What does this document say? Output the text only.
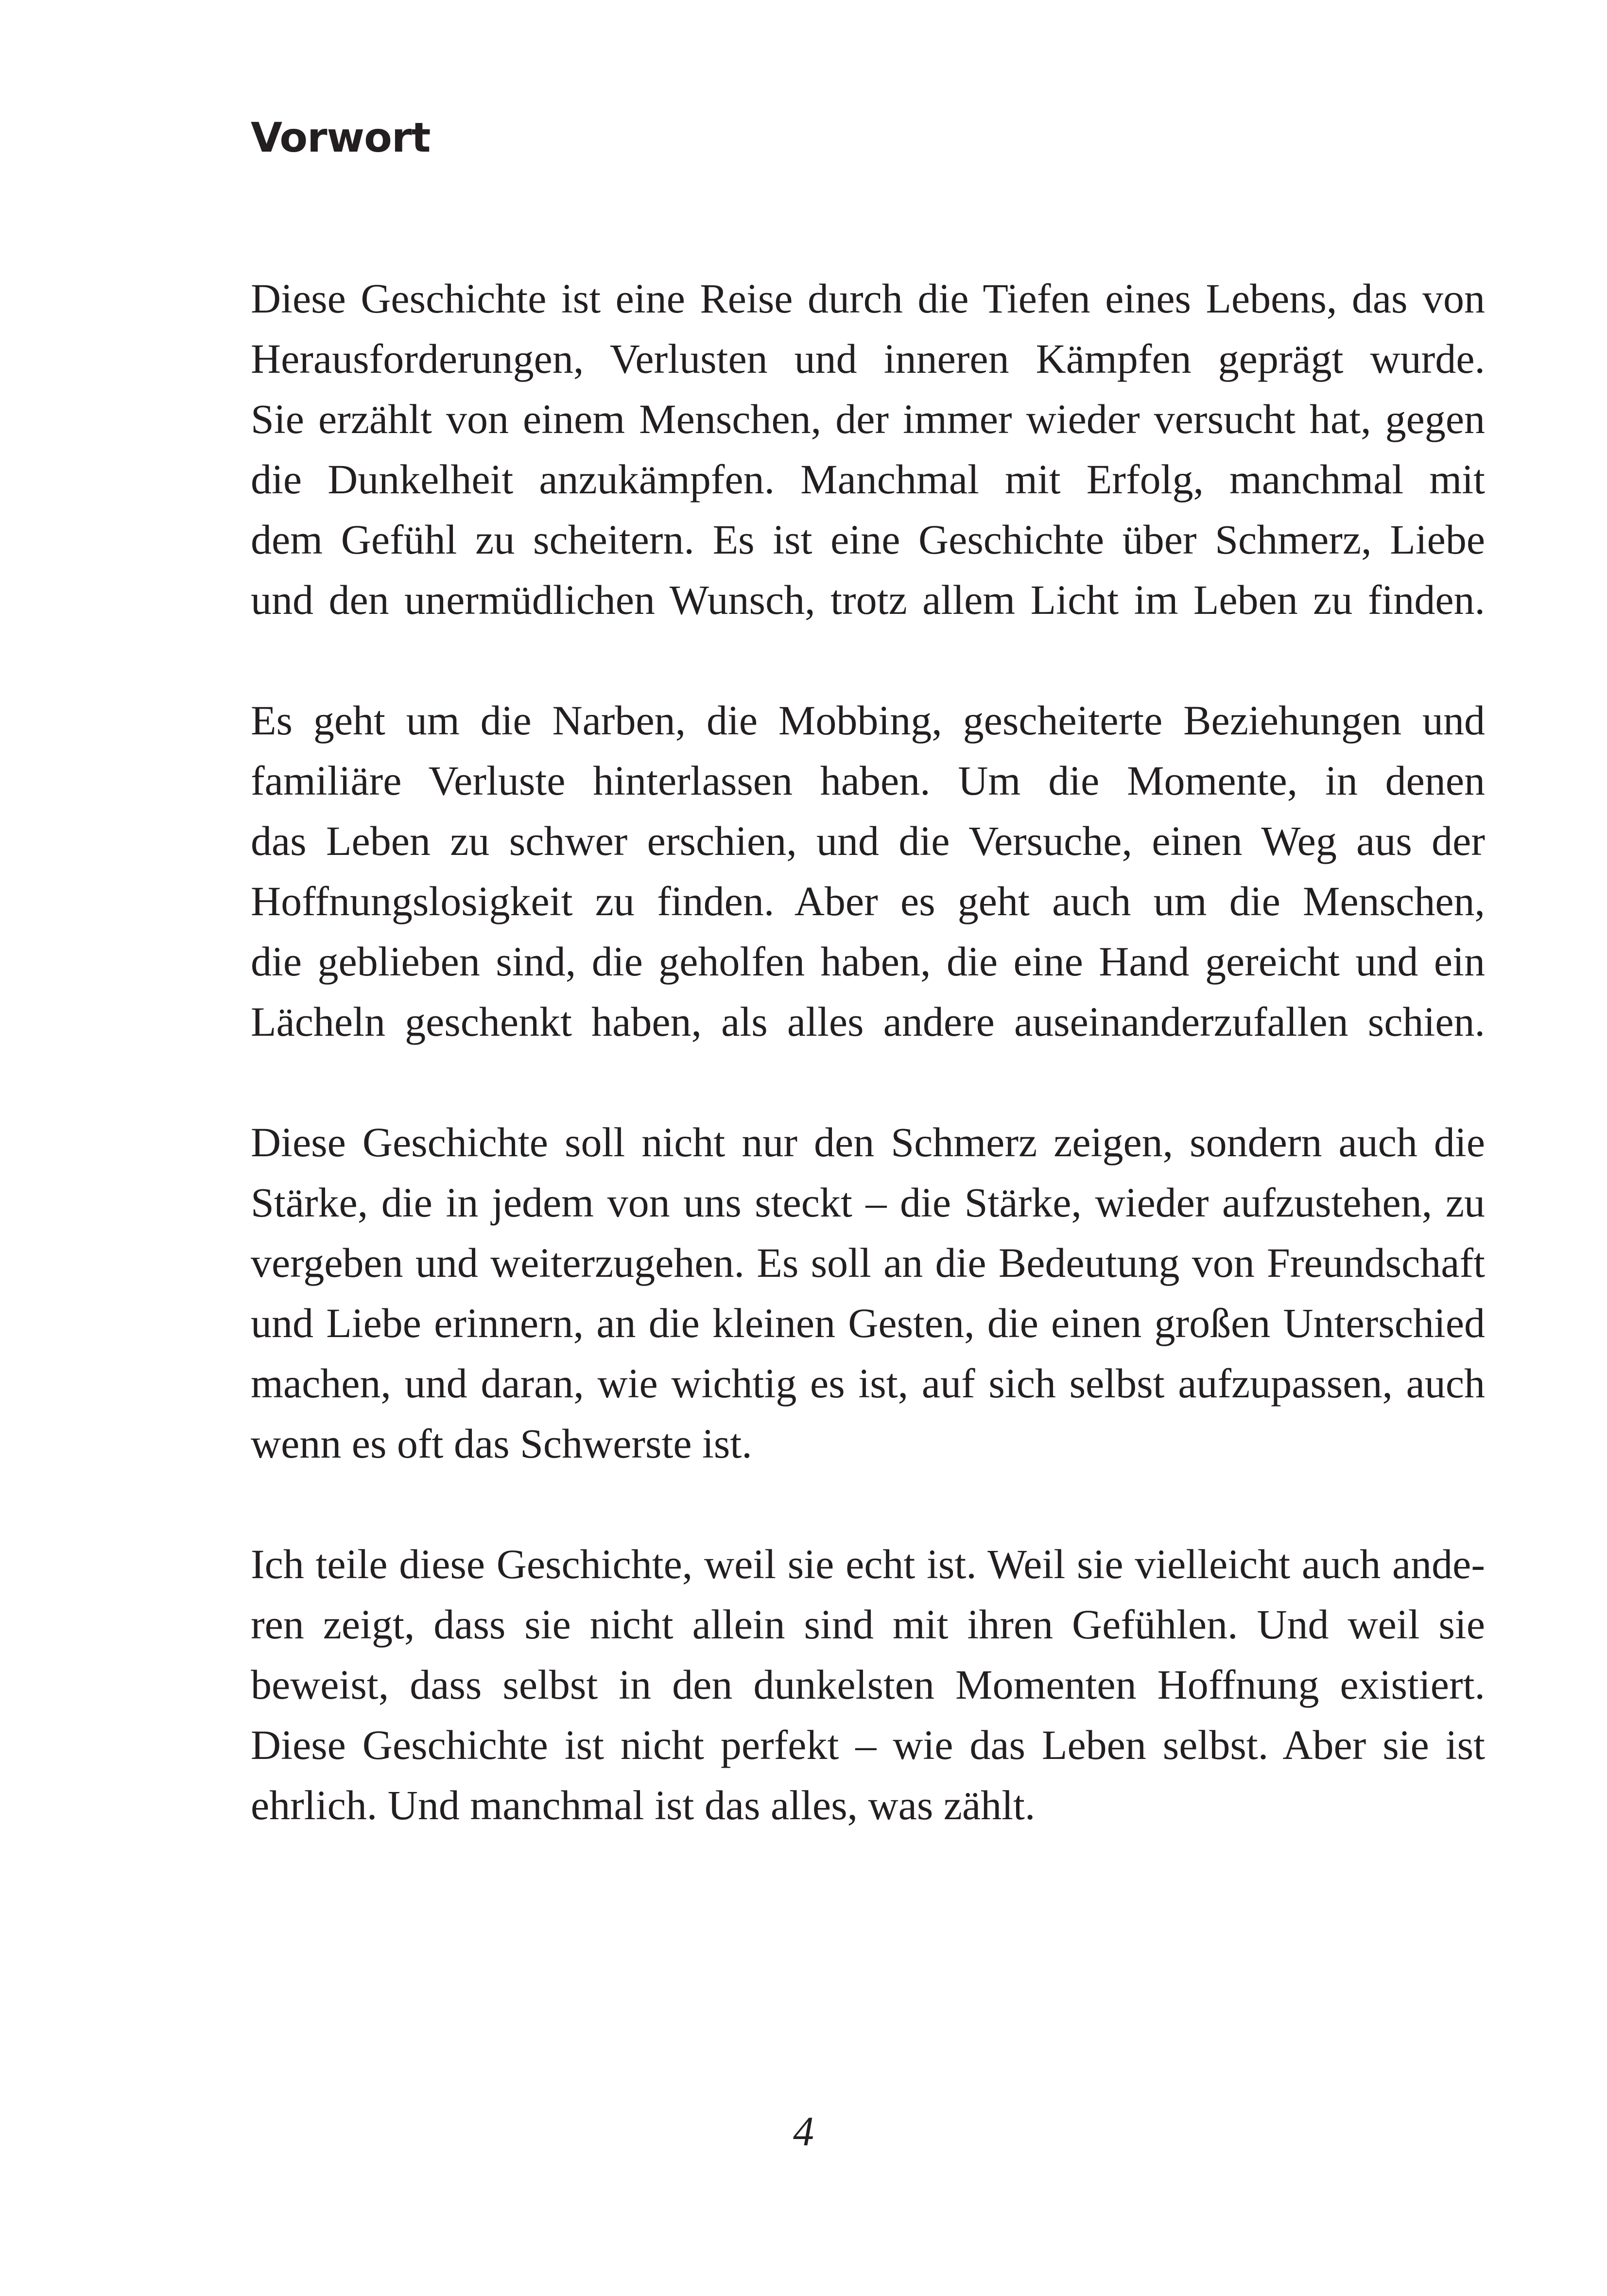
Vorwort

Diese Geschichte ist eine Reise durch die Tiefen eines Lebens, das von
Herausforderungen, Verlusten und inneren Kämpfen geprägt wurde.
Sie erzählt von einem Menschen, der immer wieder versucht hat, gegen
die Dunkelheit anzukämpfen. Manchmal mit Erfolg, manchmal mit
dem Gefühl zu scheitern. Es ist eine Geschichte über Schmerz, Liebe
und den unermüdlichen Wunsch, trotz allem Licht im Leben zu finden.

Es geht um die Narben, die Mobbing, gescheiterte Beziehungen und
familiäre Verluste hinterlassen haben. Um die Momente, in denen
das Leben zu schwer erschien, und die Versuche, einen Weg aus der
Hoffnungslosigkeit zu finden. Aber es geht auch um die Menschen,
die geblieben sind, die geholfen haben, die eine Hand gereicht und ein
Lächeln geschenkt haben, als alles andere auseinanderzufallen schien.

Diese Geschichte soll nicht nur den Schmerz zeigen, sondern auch die
Stärke, die in jedem von uns steckt – die Stärke, wieder aufzustehen, zu
vergeben und weiterzugehen. Es soll an die Bedeutung von Freundschaft
und Liebe erinnern, an die kleinen Gesten, die einen großen Unterschied
machen, und daran, wie wichtig es ist, auf sich selbst aufzupassen, auch
wenn es oft das Schwerste ist.

Ich teile diese Geschichte, weil sie echt ist. Weil sie vielleicht auch ande-
ren zeigt, dass sie nicht allein sind mit ihren Gefühlen. Und weil sie
beweist, dass selbst in den dunkelsten Momenten Hoffnung existiert.
Diese Geschichte ist nicht perfekt – wie das Leben selbst. Aber sie ist
ehrlich. Und manchmal ist das alles, was zählt.

4
